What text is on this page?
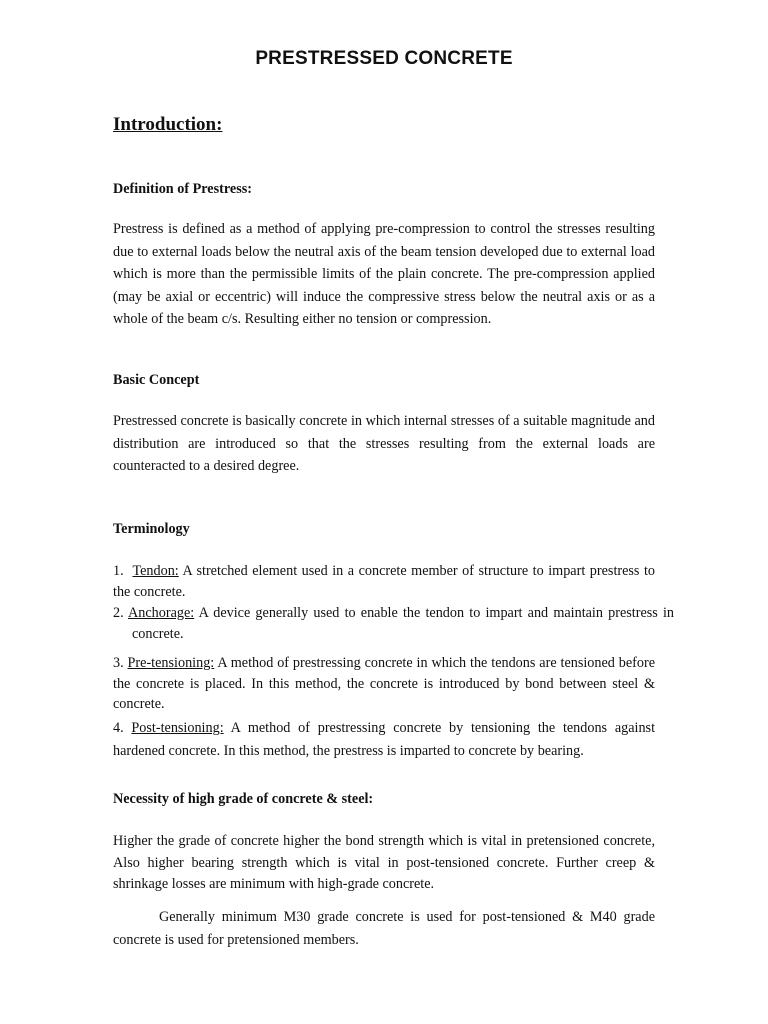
PRESTRESSED CONCRETE
Introduction:
Definition of Prestress:
Prestress is defined as a method of applying pre-compression to control the stresses resulting due to external loads below the neutral axis of the beam tension developed due to external load which is more than the permissible limits of the plain concrete. The pre-compression applied (may be axial or eccentric) will induce the compressive stress below the neutral axis or as a whole of the beam c/s. Resulting either no tension or compression.
Basic Concept
Prestressed concrete is basically concrete in which internal stresses of a suitable magnitude and distribution are introduced so that the stresses resulting from the external loads are counteracted to a desired degree.
Terminology
1. Tendon: A stretched element used in a concrete member of structure to impart prestress to the concrete.
2. Anchorage: A device generally used to enable the tendon to impart and maintain prestress in concrete.
3. Pre-tensioning: A method of prestressing concrete in which the tendons are tensioned before the concrete is placed. In this method, the concrete is introduced by bond between steel & concrete.
4. Post-tensioning: A method of prestressing concrete by tensioning the tendons against hardened concrete. In this method, the prestress is imparted to concrete by bearing.
Necessity of high grade of concrete & steel:
Higher the grade of concrete higher the bond strength which is vital in pretensioned concrete, Also higher bearing strength which is vital in post-tensioned concrete. Further creep & shrinkage losses are minimum with high-grade concrete.
Generally minimum M30 grade concrete is used for post-tensioned & M40 grade concrete is used for pretensioned members.
